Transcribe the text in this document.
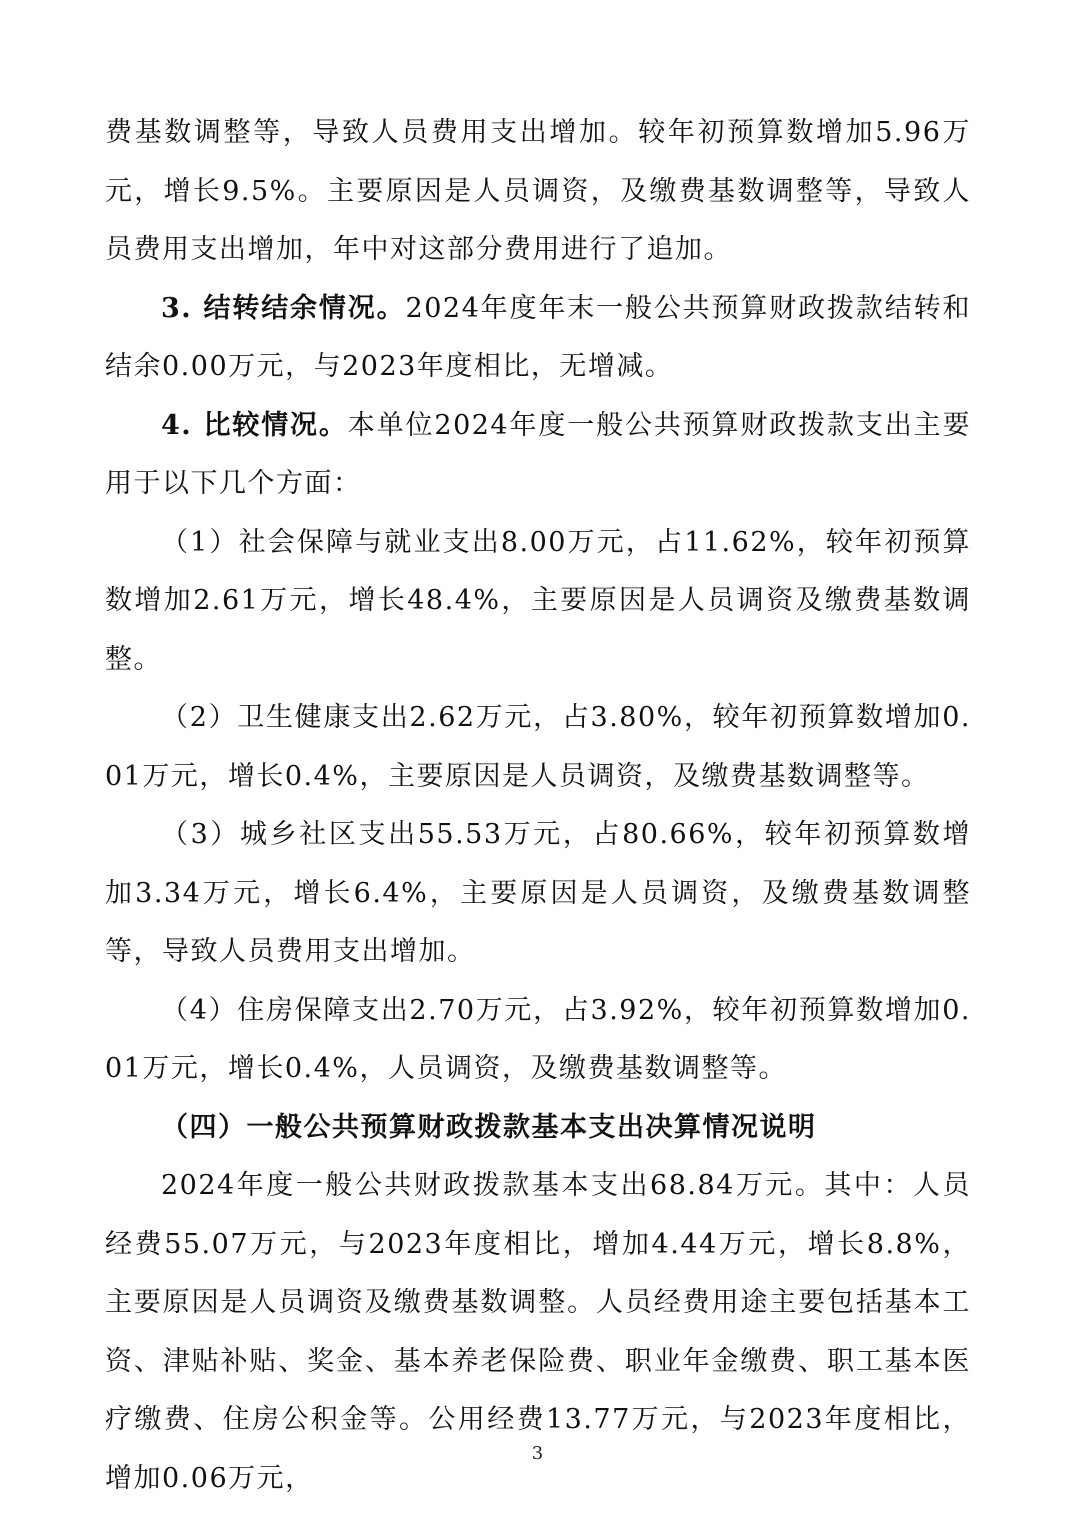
费基数调整等，导致人员费用支出增加。较年初预算数增加5.96万元，增长9.5%。主要原因是人员调资，及缴费基数调整等，导致人员费用支出增加，年中对这部分费用进行了追加。

3. 结转结余情况。2024年度年末一般公共预算财政拨款结转和结余0.00万元，与2023年度相比，无增减。

4. 比较情况。本单位2024年度一般公共预算财政拨款支出主要用于以下几个方面：

（1）社会保障与就业支出8.00万元，占11.62%，较年初预算数增加2.61万元，增长48.4%，主要原因是人员调资及缴费基数调整。

（2）卫生健康支出2.62万元，占3.80%，较年初预算数增加0.01万元，增长0.4%，主要原因是人员调资，及缴费基数调整等。

（3）城乡社区支出55.53万元，占80.66%，较年初预算数增加3.34万元，增长6.4%，主要原因是人员调资，及缴费基数调整等，导致人员费用支出增加。

（4）住房保障支出2.70万元，占3.92%，较年初预算数增加0.01万元，增长0.4%，人员调资，及缴费基数调整等。

（四）一般公共预算财政拨款基本支出决算情况说明

2024年度一般公共财政拨款基本支出68.84万元。其中：人员经费55.07万元，与2023年度相比，增加4.44万元，增长8.8%，主要原因是人员调资及缴费基数调整。人员经费用途主要包括基本工资、津贴补贴、奖金、基本养老保险费、职业年金缴费、职工基本医疗缴费、住房公积金等。公用经费13.77万元，与2023年度相比，增加0.06万元，

3
